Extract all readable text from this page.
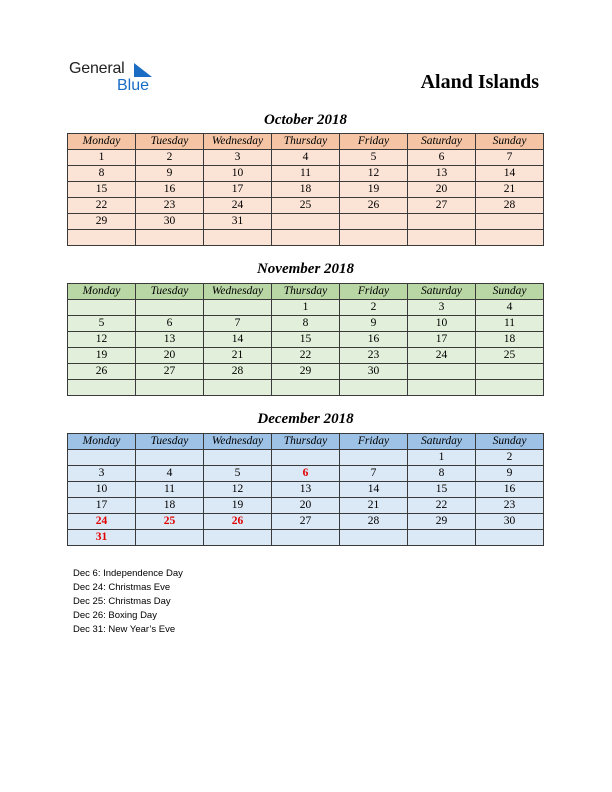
General
Blue	Aland Islands
October 2018
Monday	Tuesday	Wednesday	Thursday	Friday	Saturday	Sunday
1	2	3	4	5	6	7
8	9	10	11	12	13	14
15	16	17	18	19	20	21
22	23	24	25	26	27	28
29	30	31				

November 2018
Monday	Tuesday	Wednesday	Thursday	Friday	Saturday	Sunday
			1	2	3	4
5	6	7	8	9	10	11
12	13	14	15	16	17	18
19	20	21	22	23	24	25
26	27	28	29	30		

December 2018
Monday	Tuesday	Wednesday	Thursday	Friday	Saturday	Sunday
					1	2
3	4	5	6	7	8	9
10	11	12	13	14	15	16
17	18	19	20	21	22	23
24	25	26	27	28	29	30
31						
Dec 6: Independence Day
Dec 24: Christmas Eve
Dec 25: Christmas Day
Dec 26: Boxing Day
Dec 31: New Year’s Eve
